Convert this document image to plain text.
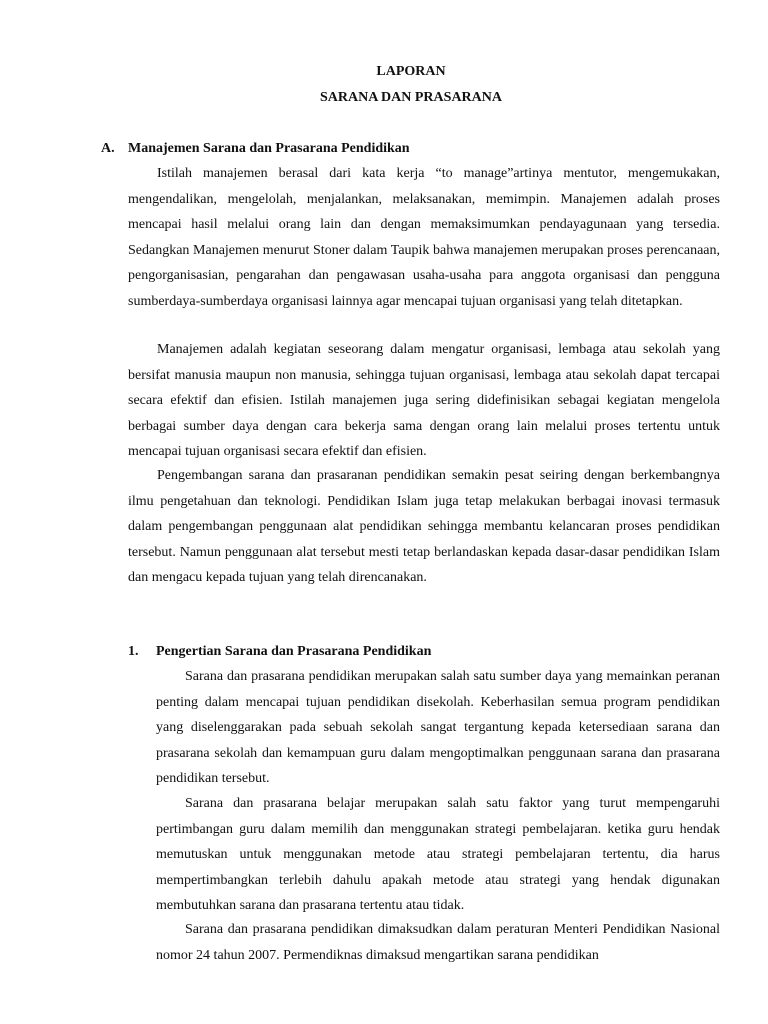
LAPORAN

SARANA DAN PRASARANA

A. Manajemen Sarana dan Prasarana Pendidikan

Istilah manajemen berasal dari kata kerja “to manage”artinya mentutor, mengemukakan, mengendalikan, mengelolah, menjalankan, melaksanakan, memimpin. Manajemen adalah proses mencapai hasil melalui orang lain dan dengan memaksimumkan pendayagunaan yang tersedia. Sedangkan Manajemen menurut Stoner dalam Taupik bahwa manajemen merupakan proses perencanaan, pengorganisasian, pengarahan dan pengawasan usaha-usaha para anggota organisasi dan pengguna sumberdaya-sumberdaya organisasi lainnya agar mencapai tujuan organisasi yang telah ditetapkan.

Manajemen adalah kegiatan seseorang dalam mengatur organisasi, lembaga atau sekolah yang bersifat manusia maupun non manusia, sehingga tujuan organisasi, lembaga atau sekolah dapat tercapai secara efektif dan efisien. Istilah manajemen juga sering didefinisikan sebagai kegiatan mengelola berbagai sumber daya dengan cara bekerja sama dengan orang lain melalui proses tertentu untuk mencapai tujuan organisasi secara efektif dan efisien.

Pengembangan sarana dan prasaranan pendidikan semakin pesat seiring dengan berkembangnya ilmu pengetahuan dan teknologi. Pendidikan Islam juga tetap melakukan berbagai inovasi termasuk dalam pengembangan penggunaan alat pendidikan sehingga membantu kelancaran proses pendidikan tersebut. Namun penggunaan alat tersebut mesti tetap berlandaskan kepada dasar-dasar pendidikan Islam dan mengacu kepada tujuan yang telah direncanakan.

1. Pengertian Sarana dan Prasarana Pendidikan

Sarana dan prasarana pendidikan merupakan salah satu sumber daya yang memainkan peranan penting dalam mencapai tujuan pendidikan disekolah. Keberhasilan semua program pendidikan yang diselenggarakan pada sebuah sekolah sangat tergantung kepada ketersediaan sarana dan prasarana sekolah dan kemampuan guru dalam mengoptimalkan penggunaan sarana dan prasarana pendidikan tersebut.

Sarana dan prasarana belajar merupakan salah satu faktor yang turut mempengaruhi pertimbangan guru dalam memilih dan menggunakan strategi pembelajaran. ketika guru hendak memutuskan untuk menggunakan metode atau strategi pembelajaran tertentu, dia harus mempertimbangkan terlebih dahulu apakah metode atau strategi yang hendak digunakan membutuhkan sarana dan prasarana tertentu atau tidak.

Sarana dan prasarana pendidikan dimaksudkan dalam peraturan Menteri Pendidikan Nasional nomor 24 tahun 2007. Permendiknas dimaksud mengartikan sarana pendidikan
